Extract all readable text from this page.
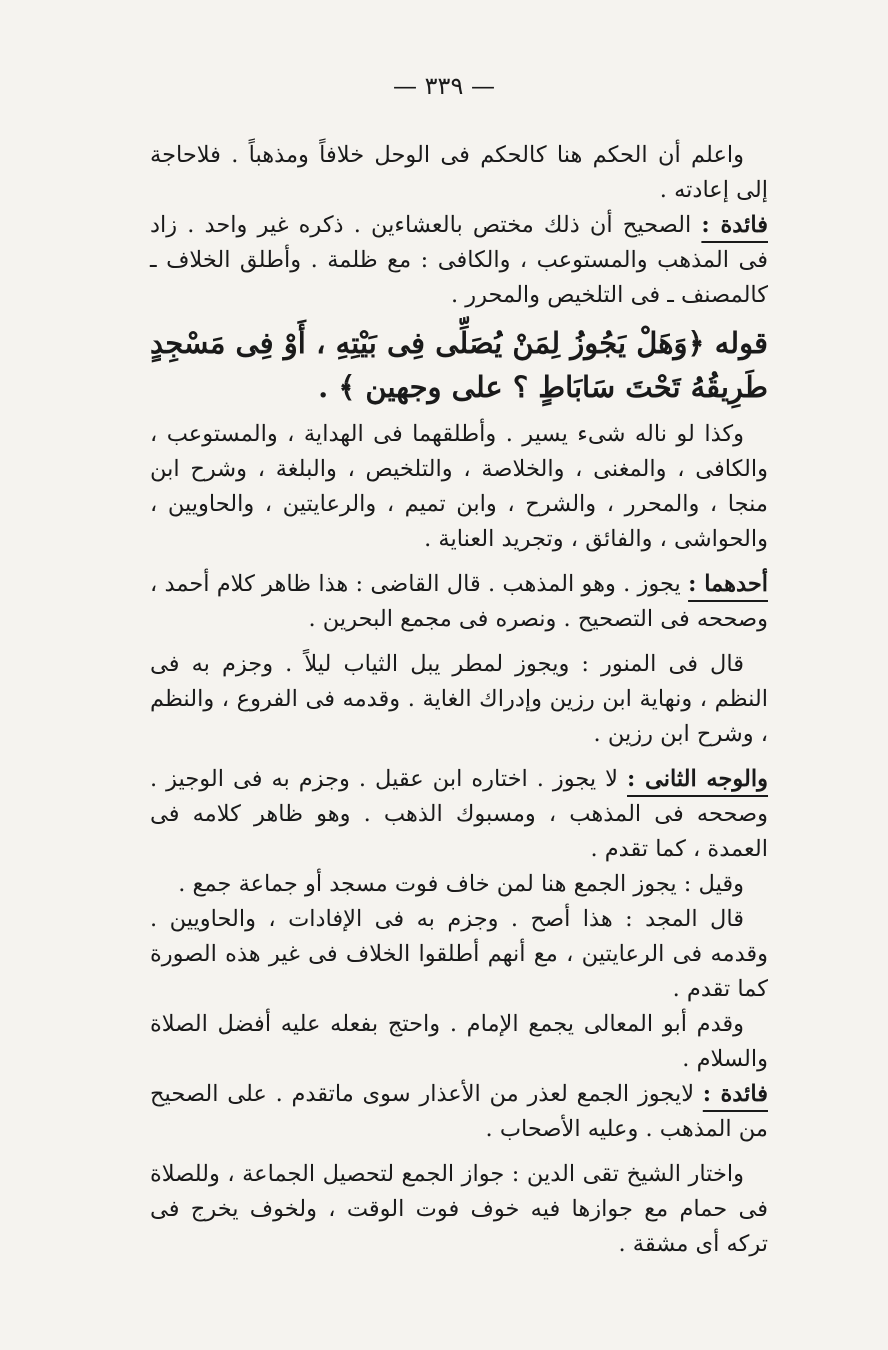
— ٣٣٩ —

واعلم أن الحكم هنا كالحكم فى الوحل خلافاً ومذهباً . فلاحاجة إلى إعادته .

فائدة : الصحيح أن ذلك مختص بالعشاءين . ذكره غير واحد . زاد فى المذهب والمستوعب ، والكافى : مع ظلمة . وأطلق الخلاف ـ كالمصنف ـ فى التلخيص والمحرر .

قوله ﴿وَهَلْ يَجُوزُ لِمَنْ يُصَلِّى فِى بَيْتِهِ ، أَوْ فِى مَسْجِدٍ طَرِيقُهُ تَحْتَ سَابَاطٍ ؟ على وجهين ﴾ .

وكذا لو ناله شىء يسير . وأطلقهما فى الهداية ، والمستوعب ، والكافى ، والمغنى ، والخلاصة ، والتلخيص ، والبلغة ، وشرح ابن منجا ، والمحرر ، والشرح ، وابن تميم ، والرعايتين ، والحاويين ، والحواشى ، والفائق ، وتجريد العناية .

أحدهما : يجوز . وهو المذهب . قال القاضى : هذا ظاهر كلام أحمد ، وصححه فى التصحيح . ونصره فى مجمع البحرين .

قال فى المنور : ويجوز لمطر يبل الثياب ليلاً . وجزم به فى النظم ، ونهاية ابن رزين وإدراك الغاية . وقدمه فى الفروع ، والنظم ، وشرح ابن رزين .

والوجه الثانى : لا يجوز . اختاره ابن عقيل . وجزم به فى الوجيز . وصححه فى المذهب ، ومسبوك الذهب . وهو ظاهر كلامه فى العمدة ، كما تقدم .

وقيل : يجوز الجمع هنا لمن خاف فوت مسجد أو جماعة جمع .

قال المجد : هذا أصح . وجزم به فى الإفادات ، والحاويين . وقدمه فى الرعايتين ، مع أنهم أطلقوا الخلاف فى غير هذه الصورة كما تقدم .

وقدم أبو المعالى يجمع الإمام . واحتج بفعله عليه أفضل الصلاة والسلام .

فائدة : لايجوز الجمع لعذر من الأعذار سوى ماتقدم . على الصحيح من المذهب . وعليه الأصحاب .

واختار الشيخ تقى الدين : جواز الجمع لتحصيل الجماعة ، وللصلاة فى حمام مع جوازها فيه خوف فوت الوقت ، ولخوف يخرج فى تركه أى مشقة .
